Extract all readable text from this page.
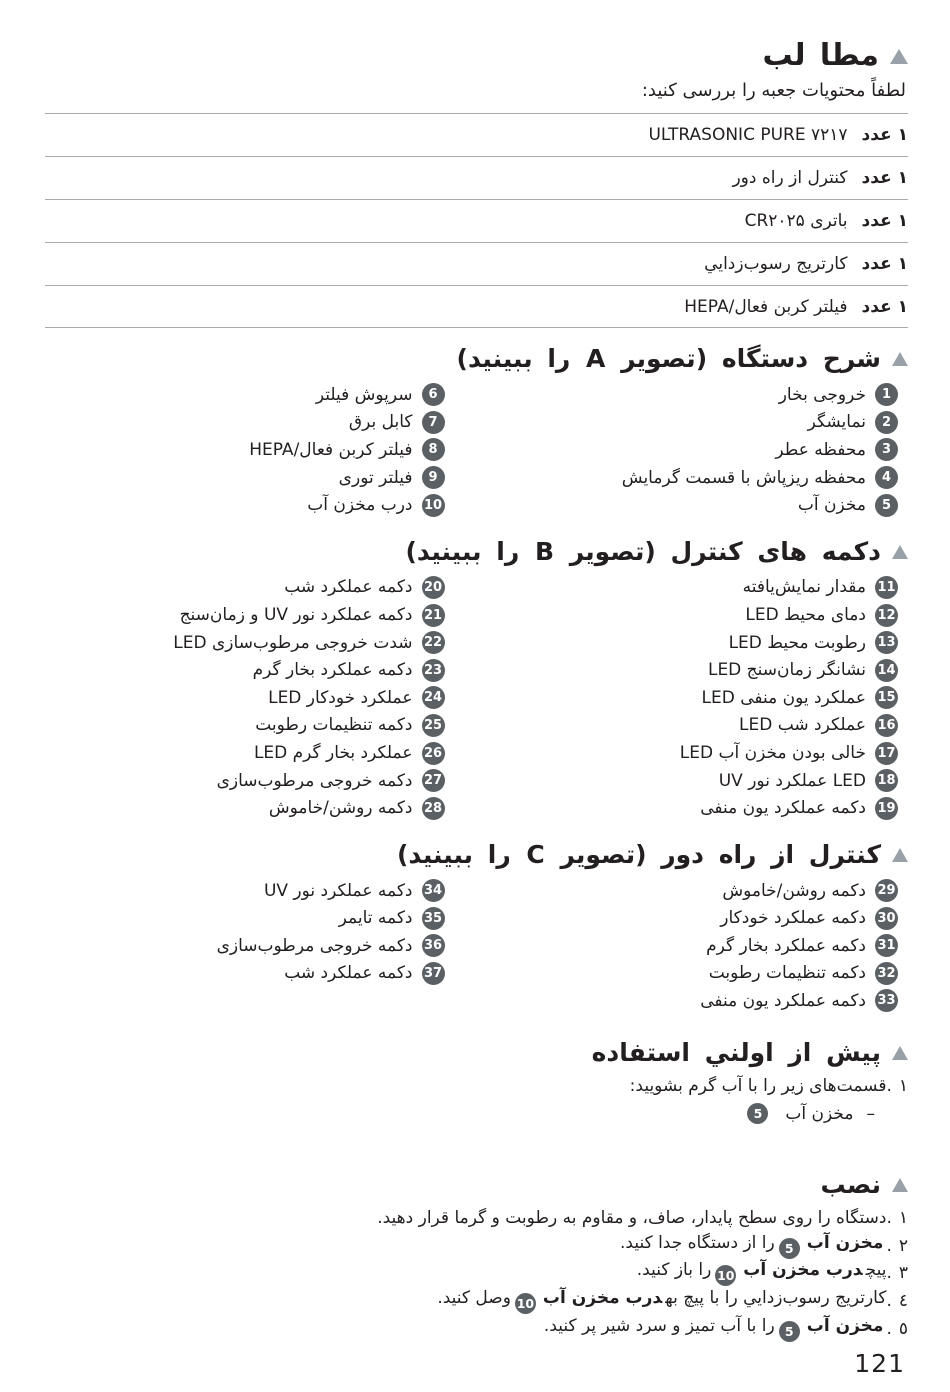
مطا لب

لطفاً محتویات جعبه را بررسی کنید:

۱ عدد
۷۲۱۷ ULTRASONIC PURE
۱ عدد
کنترل از راه دور
۱ عدد
باتری CR۲۰۲۵
۱ عدد
کارتریج رسوب‌زدايي
۱ عدد
فیلتر کربن فعال/HEPA
شرح دستگاه (تصویر A را ببینید)
1
خروجی بخار
2
نمایشگر
3
محفظه عطر
4
محفظه ریزپاش با قسمت گرمایش
5
مخزن آب
6
سرپوش فیلتر
7
کابل برق
8
فیلتر کربن فعال/HEPA
9
فیلتر توری
10
درب مخزن آب
دکمه های کنترل (تصویر B را ببینید)
11
مقدار نمایش‌یافته
12
دمای محیط LED
13
رطوبت محیط LED
14
نشانگر زمان‌سنج LED
15
عملکرد یون منفی LED
16
عملکرد شب LED
17
خالی بودن مخزن آب LED
18
LED عملکرد نور UV
19
دکمه عملکرد یون منفی
20
دکمه عملکرد شب
21
دکمه عملکرد نور UV و زمان‌سنج
22
شدت خروجی مرطوب‌سازی LED
23
دکمه عملکرد بخار گرم
24
عملکرد خودکار LED
25
دکمه تنظیمات رطوبت
26
عملکرد بخار گرم LED
27
دکمه خروجی مرطوب‌سازی
28
دکمه روشن/خاموش
کنترل از راه دور (تصویر C را ببینید)
29
دکمه روشن/خاموش
30
دکمه عملکرد خودکار
31
دکمه عملکرد بخار گرم
32
دکمه تنظیمات رطوبت
33
دکمه عملکرد یون منفی
34
دکمه عملکرد نور UV
35
دکمه تایمر
36
دکمه خروجی مرطوب‌سازی
37
دکمه عملکرد شب
پیش از اولني استفاده
۱
.
قسمت‌های زیر را با آب گرم بشویید:
–
مخزن آب
5
نصب
۱
.
دستگاه را روی سطح پایدار، صاف، و مقاوم به رطوبت و گرما قرار دهید.
۲
.
مخزن آب5را از دستگاه جدا کنید.
۳
.
پیچدرب مخزن آب10را باز کنید.
٤
.
کارتریج رسوب‌زدايي را با پیچ بهدرب مخزن آب10وصل کنید.
٥
.
مخزن آب5را با آب تمیز و سرد شیر پر کنید.
121
